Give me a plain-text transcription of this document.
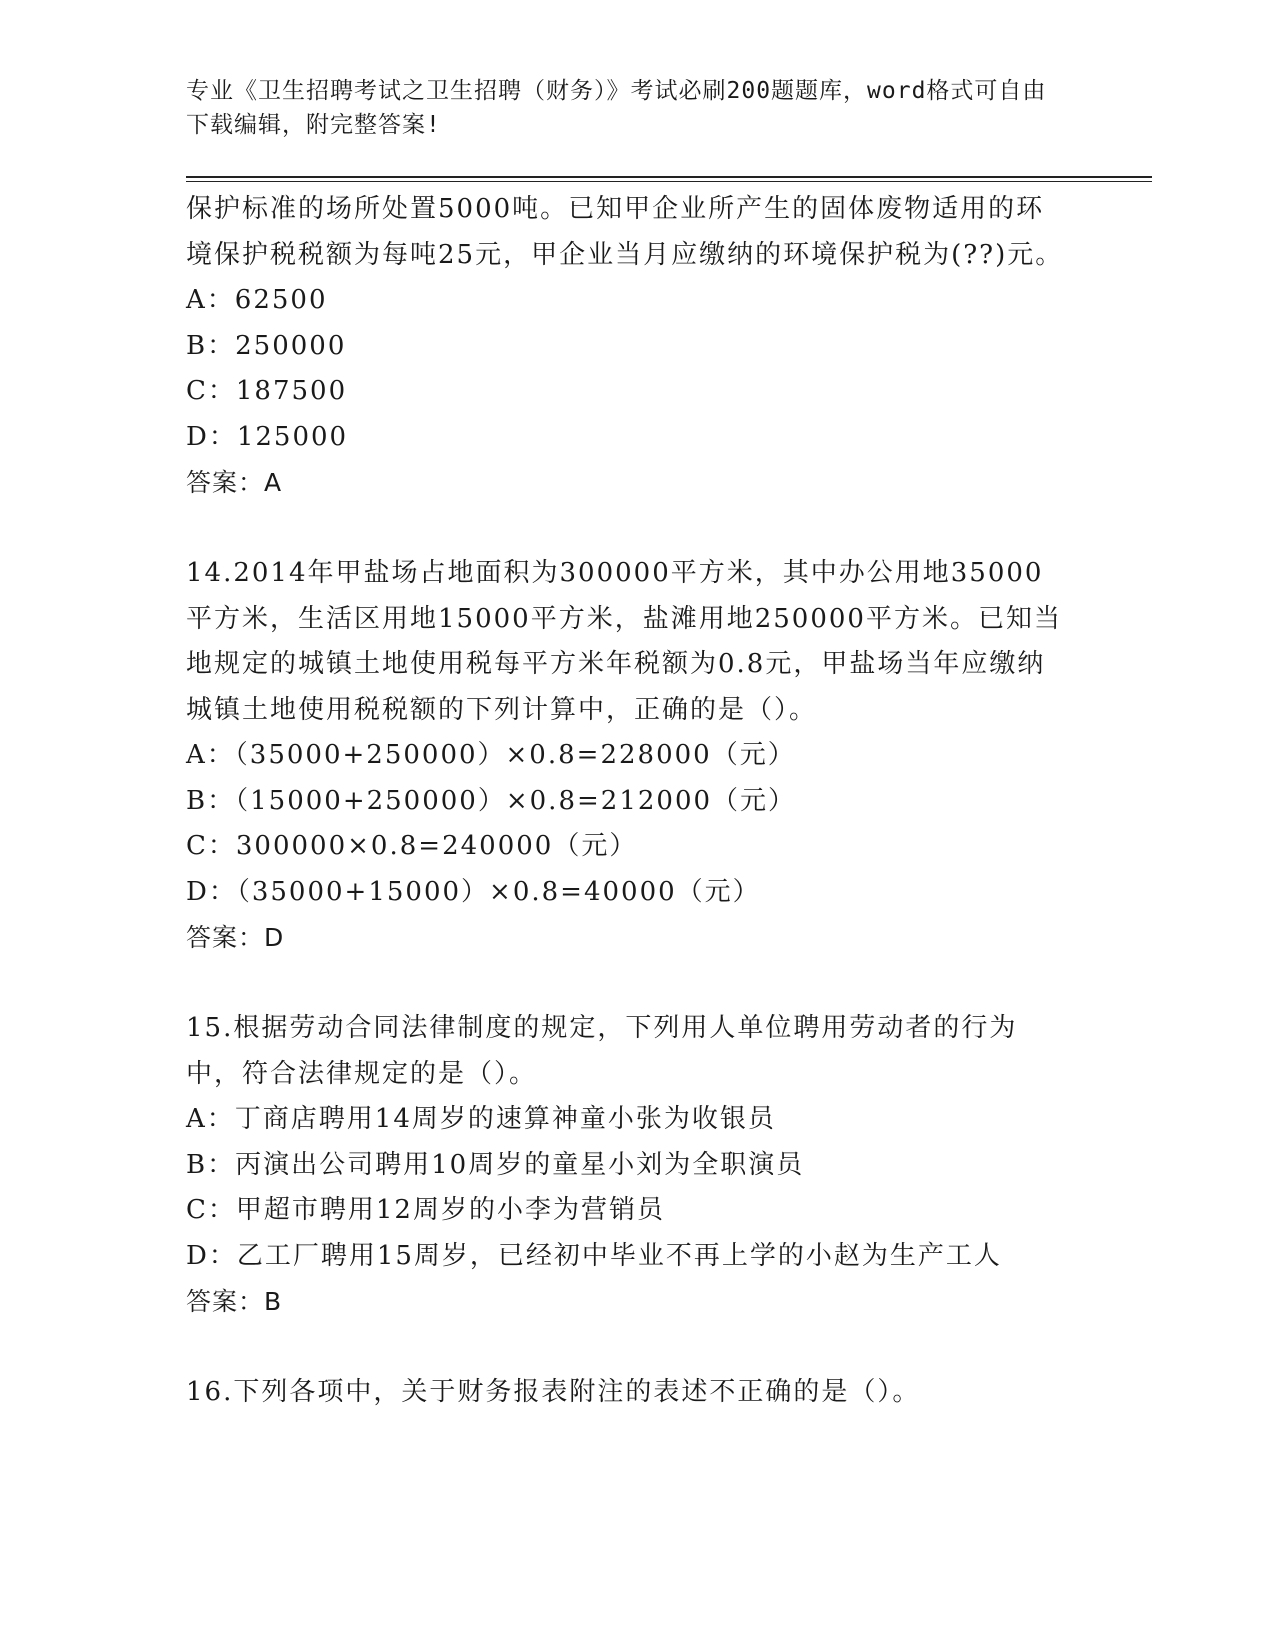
专业《卫生招聘考试之卫生招聘（财务）》考试必刷200题题库，word格式可自由下载编辑，附完整答案!

保护标准的场所处置5000吨。已知甲企业所产生的固体废物适用的环境保护税税额为每吨25元，甲企业当月应缴纳的环境保护税为(??)元。

A：62500

B：250000

C：187500

D：125000

答案：A

14.2014年甲盐场占地面积为300000平方米，其中办公用地35000平方米，生活区用地15000平方米，盐滩用地250000平方米。已知当地规定的城镇土地使用税每平方米年税额为0.8元，甲盐场当年应缴纳城镇土地使用税税额的下列计算中，正确的是（）。

A：（35000+250000）×0.8=228000（元）

B：（15000+250000）×0.8=212000（元）

C：300000×0.8=240000（元）

D：（35000+15000）×0.8=40000（元）

答案：D

15.根据劳动合同法律制度的规定，下列用人单位聘用劳动者的行为中，符合法律规定的是（）。

A：丁商店聘用14周岁的速算神童小张为收银员

B：丙演出公司聘用10周岁的童星小刘为全职演员

C：甲超市聘用12周岁的小李为营销员

D：乙工厂聘用15周岁，已经初中毕业不再上学的小赵为生产工人

答案：B

16.下列各项中，关于财务报表附注的表述不正确的是（）。
